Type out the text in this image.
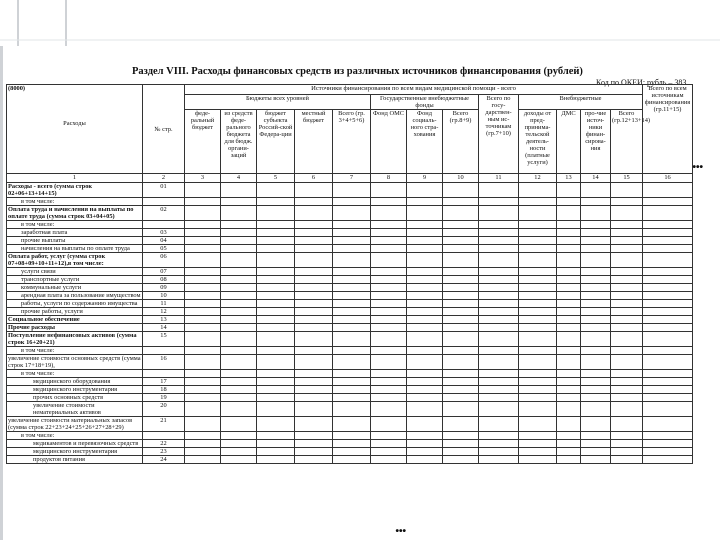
Раздел VIII. Расходы финансовых средств из различных источников финансирования (рублей)
Код по ОКЕИ: рубль – 383
(8000)

Расходы	№ стр.	Источники финансирования по всем видам медицинской помощи - всего													Всего по всем источникам финансирования (гр.11+15)
		Бюджеты всех уровней					Государственные внебюджетные фонды			Всего по госу-дарствен-ным ис-точникам (гр.7+10)	Внебюджетные				
		феде-ральный бюджет	из средств феде-рального бюджета для бюдж. органи-заций	бюджет субъекта Россий-ской Федера-ции	местный бюджет	Всего (гр. 3+4+5+6)	Фонд ОМС	Фонд социаль-ного стра-хования	Всего (гр.8+9)		доходы от пред-принима-тельской деятель-ности (платные услуги)	ДМС	про-чие источ-ники финан-сирова-ния	Всего (гр.12+13+14)	

1	2	3	4	5	6	7	8	9	10	11	12	13	14	15	16
Расходы - всего (сумма строк 02+06+13+14+15)	01														
в том числе:															
Оплата труда и начисления на выплаты по оплате труда (сумма строк 03+04+05)	02														
в том числе:															
заработная плата	03														
прочие выплаты	04														
начисления на выплаты по оплате труда	05														
Оплата работ, услуг (сумма строк 07+08+09+10+11+12),в том числе:	06														
услуги связи	07														
транспортные услуги	08														
коммунальные услуги	09														
арендная плата за пользование имуществом	10														
работы, услуги по содержанию имущества	11														
прочие работы, услуги	12														
Социальное обеспечение	13														
Прочие расходы	14														
Поступление нефинансовых активов (сумма строк 16+20+21)	15														
в том числе:															
увеличение стоимости основных средств (сумма строк 17+18+19),	16														
в том числе:															
медицинского оборудования	17														
медицинского инструментария	18														
прочих основных средств	19														
увеличение стоимости нематериальных активов	20														
увеличение стоимости материальных запасов (сумма строк 22+23+24+25+26+27+28+29)	21														
в том числе:															
медикаментов и перевязочных средств	22														
медицинского инструментария	23														
продуктов питания	24														
...
...
